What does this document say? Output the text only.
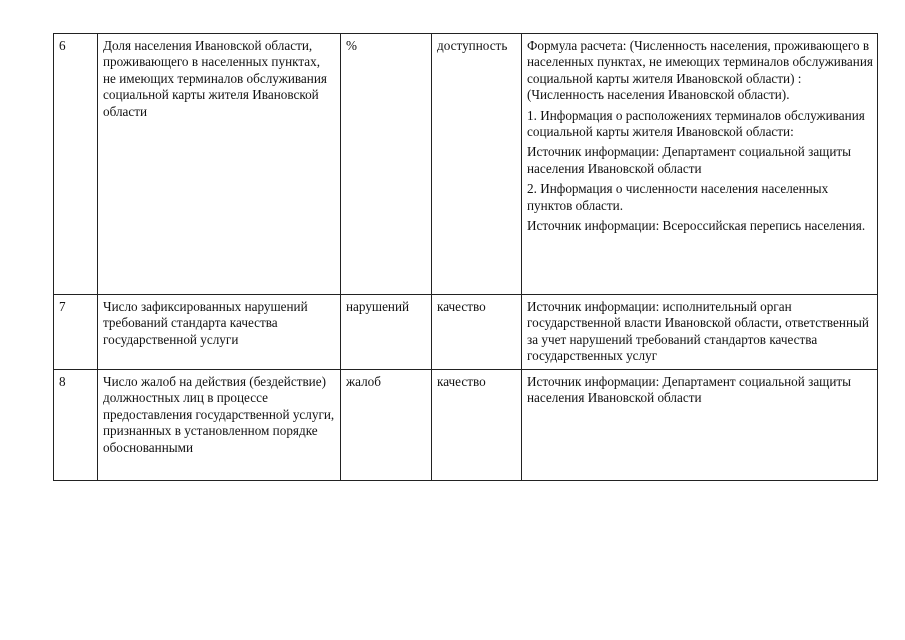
6	Доля населения Ивановской области, проживающего в населенных пунктах, не имеющих терминалов обслуживания социальной карты жителя Ивановской области	%	доступность	Формула расчета: (Численность населения, проживающего в населенных пунктах, не имеющих терминалов обслуживания социальной карты жителя Ивановской области) : (Численность населения Ивановской области).
1. Информация о расположениях терминалов обслуживания социальной карты жителя Ивановской области:
Источник информации: Департамент социальной защиты населения Ивановской области
2. Информация о численности населения населенных пунктов области.
Источник информации: Всероссийская перепись населения.

7	Число зафиксированных нарушений требований стандарта качества государственной услуги	нарушений	качество	Источник информации: исполнительный орган государственной власти Ивановской области, ответственный за учет нарушений требований стандартов качества государственных услуг

8	Число жалоб на действия (бездействие) должностных лиц в процессе предоставления государственной услуги, признанных в установленном порядке обоснованными	жалоб	качество	Источник информации: Департамент социальной защиты населения Ивановской области
